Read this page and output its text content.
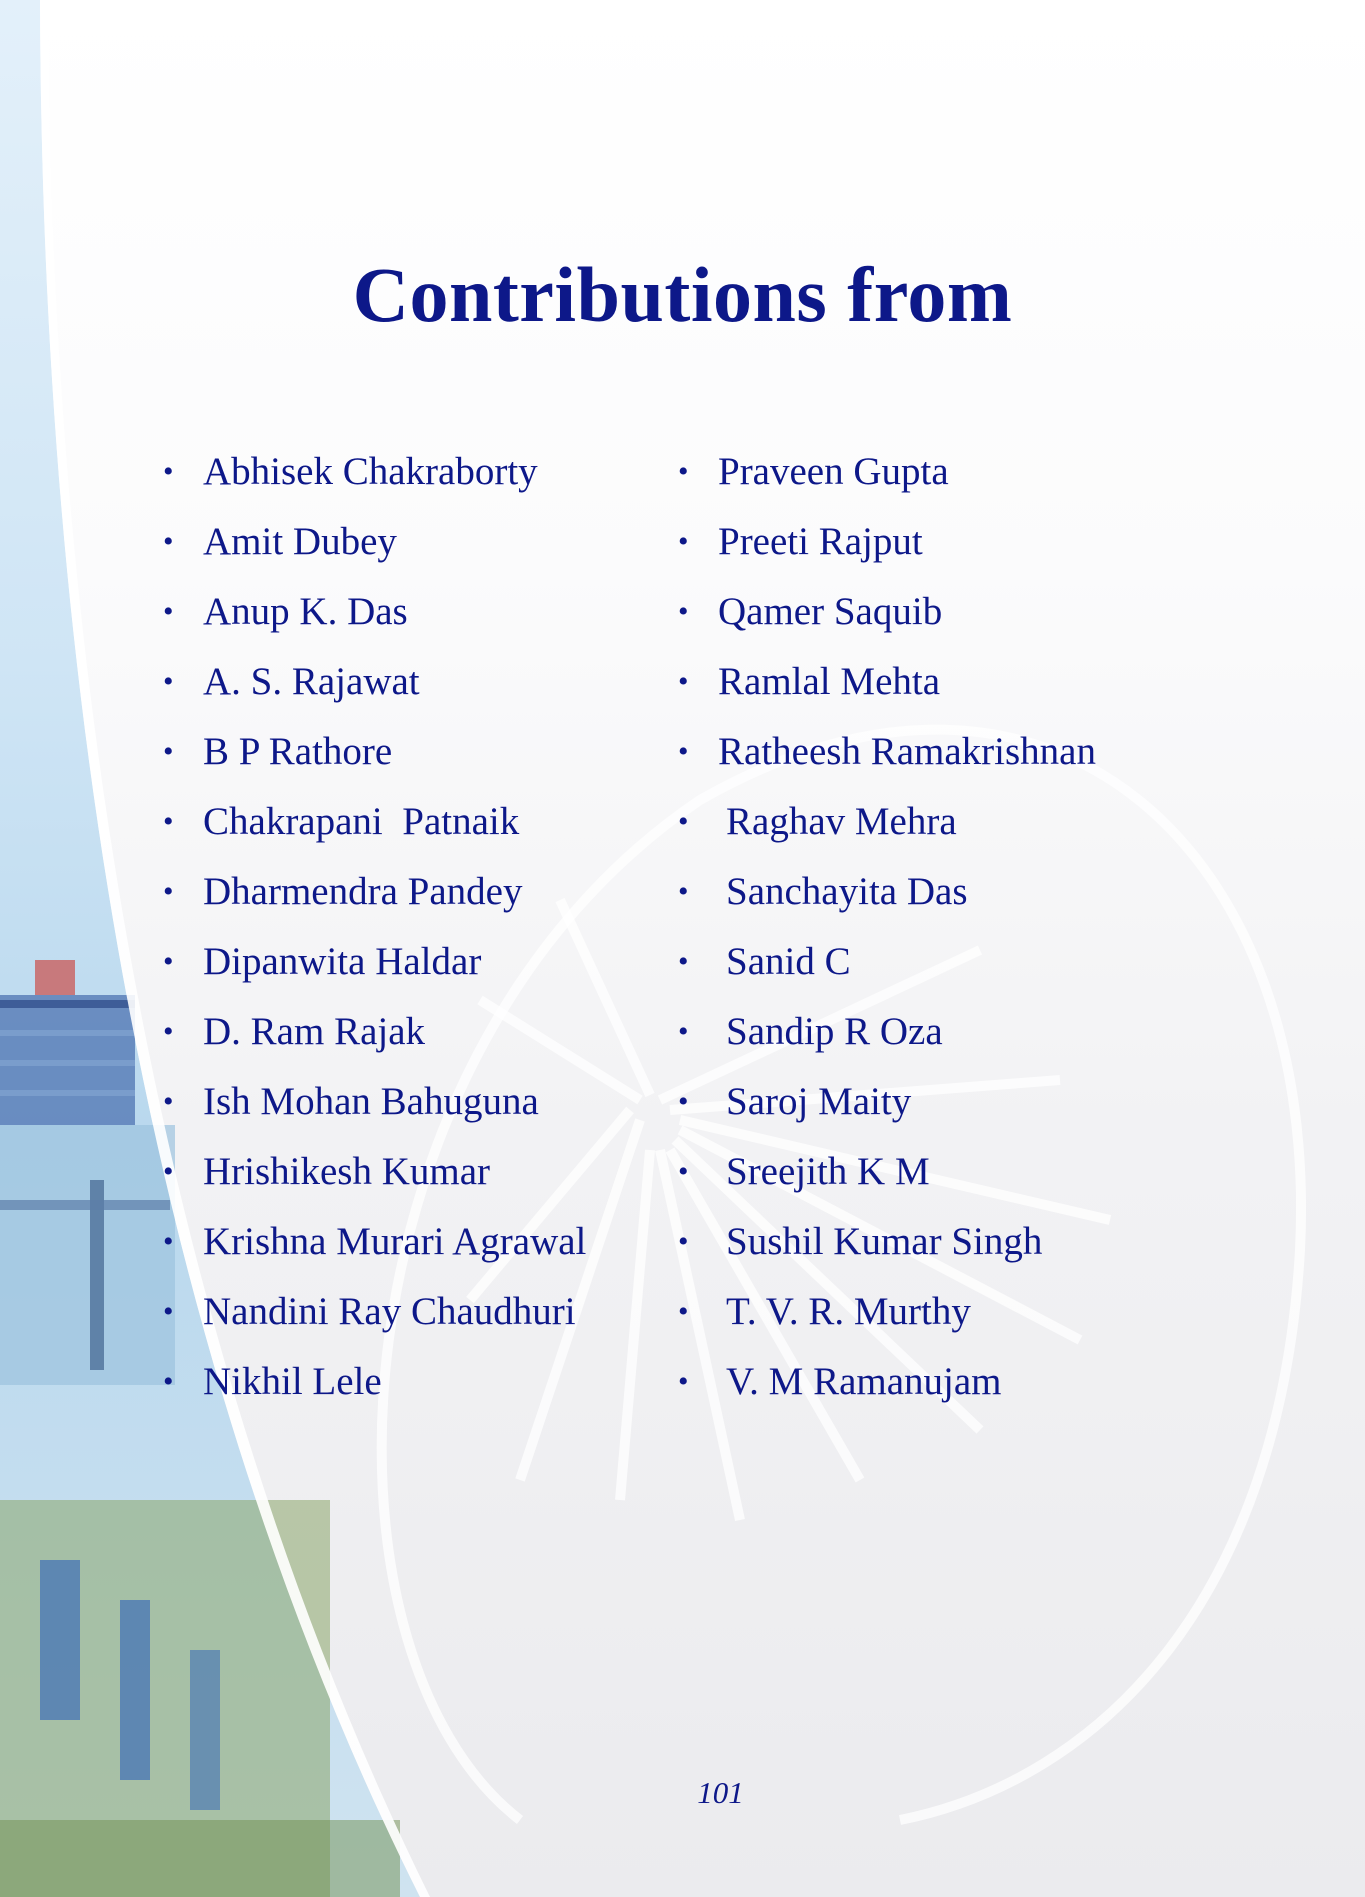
Contributions from
• Abhisek Chakraborty
• Amit Dubey
• Anup K. Das
• A. S. Rajawat
• B P Rathore
• Chakrapani  Patnaik
• Dharmendra Pandey
• Dipanwita Haldar
• D. Ram Rajak
• Ish Mohan Bahuguna
• Hrishikesh Kumar
• Krishna Murari Agrawal
• Nandini Ray Chaudhuri
• Nikhil Lele
• Praveen Gupta
• Preeti Rajput
• Qamer Saquib
• Ramlal Mehta
• Ratheesh Ramakrishnan
• Raghav Mehra
• Sanchayita Das
• Sanid C
• Sandip R Oza
• Saroj Maity
• Sreejith K M
• Sushil Kumar Singh
• T. V. R. Murthy
• V. M Ramanujam
101
